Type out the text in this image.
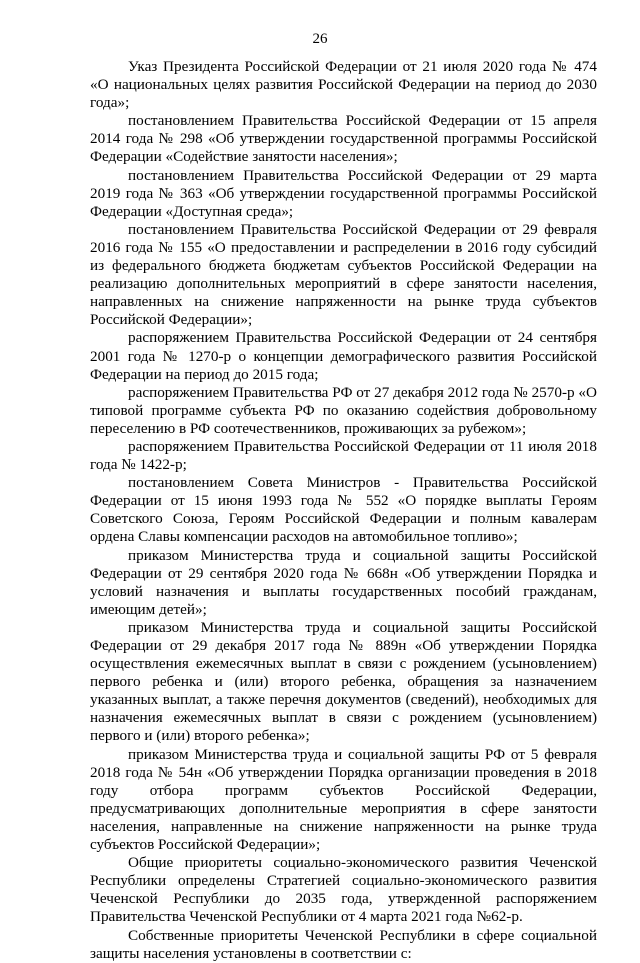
26

Указ Президента Российской Федерации от 21 июля 2020 года № 474 «О национальных целях развития Российской Федерации на период до 2030 года»;

постановлением Правительства Российской Федерации от 15 апреля 2014 года № 298 «Об утверждении государственной программы Российской Федерации «Содействие занятости населения»;

постановлением Правительства Российской Федерации от 29 марта 2019 года № 363 «Об утверждении государственной программы Российской Федерации «Доступная среда»;

постановлением Правительства Российской Федерации от 29 февраля 2016 года № 155 «О предоставлении и распределении в 2016 году субсидий из федерального бюджета бюджетам субъектов Российской Федерации на реализацию дополнительных мероприятий в сфере занятости населения, направленных на снижение напряженности на рынке труда субъектов Российской Федерации»;

распоряжением Правительства Российской Федерации от 24 сентября 2001 года № 1270-р о концепции демографического развития Российской Федерации на период до 2015 года;

распоряжением Правительства РФ от 27 декабря 2012 года № 2570-р «О типовой программе субъекта РФ по оказанию содействия добровольному переселению в РФ соотечественников, проживающих за рубежом»;

распоряжением Правительства Российской Федерации от 11 июля 2018 года № 1422-р;

постановлением Совета Министров - Правительства Российской Федерации от 15 июня 1993 года № 552 «О порядке выплаты Героям Советского Союза, Героям Российской Федерации и полным кавалерам ордена Славы компенсации расходов на автомобильное топливо»;

приказом Министерства труда и социальной защиты Российской Федерации от 29 сентября 2020 года № 668н «Об утверждении Порядка и условий назначения и выплаты государственных пособий гражданам, имеющим детей»;

приказом Министерства труда и социальной защиты Российской Федерации от 29 декабря 2017 года № 889н «Об утверждении Порядка осуществления ежемесячных выплат в связи с рождением (усыновлением) первого ребенка и (или) второго ребенка, обращения за назначением указанных выплат, а также перечня документов (сведений), необходимых для назначения ежемесячных выплат в связи с рождением (усыновлением) первого и (или) второго ребенка»;

приказом Министерства труда и социальной защиты РФ от 5 февраля 2018 года № 54н «Об утверждении Порядка организации проведения в 2018 году отбора программ субъектов Российской Федерации, предусматривающих дополнительные мероприятия в сфере занятости населения, направленные на снижение напряженности на рынке труда субъектов Российской Федерации»;

Общие приоритеты социально-экономического развития Чеченской Республики определены Стратегией социально-экономического развития Чеченской Республики до 2035 года, утвержденной распоряжением Правительства Чеченской Республики от 4 марта 2021 года №62-р.

Собственные приоритеты Чеченской Республики в сфере социальной защиты населения установлены в соответствии с:
